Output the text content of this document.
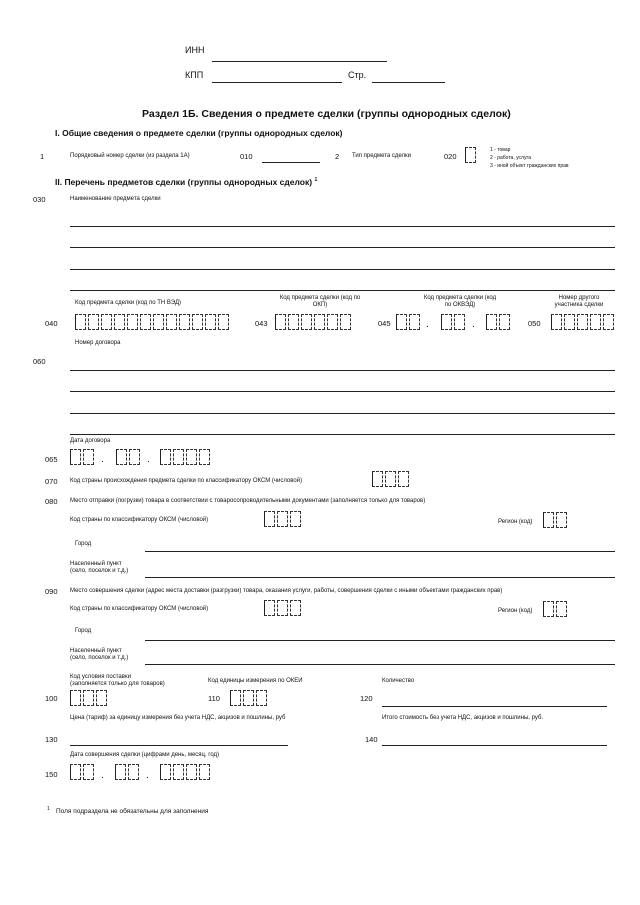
ИНН
КПП	Стр.
Раздел 1Б. Сведения о предмете сделки (группы однородных сделок)
I. Общие сведения о предмете сделки (группы однородных сделок)
1	Порядковый номер сделки (из раздела 1А)	010	2 Тип предмета сделки	020
1 - товар
2 - работа, услуга
3 - иной объект гражданских прав
II. Перечень предметов сделки (группы однородных сделок) $^1$
030	Наименование предмета сделки
Код предмета сделки (код по ТН ВЭД)
Код предмета сделки (код по ОКП)
Код предмета сделки (код по ОКВЭД)
Номер другого участника сделки
040	043	045	.	.	050
Номер договора
060
Дата договора
065	.	.
070 Код страны происхождения предмета сделки по классификатору ОКСМ (числовой)
080 Место отправки (погрузки) товара в соответствии с товаросопроводительными документами (заполняется только для товаров)
Код страны по классификатору ОКСМ (числовой)	Регион (код)
Город
Населенный пункт
(село, поселок и т.д.)
090 Место совершения сделки (адрес места доставки (разгрузки) товара, оказания услуги, работы, совершения сделки с иными объектами гражданских прав)
Код страны по классификатору ОКСМ (числовой)	Регион (код)
Город
Населенный пункт
(село, поселок и т.д.)
Код условия поставки
(заполняется только для товаров)	Код единицы измерения по ОКЕИ	Количество
100	110	120
Цена (тариф) за единицу измерения без учета НДС, акцизов и пошлины, руб	Итого стоимость без учета НДС, акцизов и пошлины, руб.
130	140
Дата совершения сделки (цифрами день, месяц, год)
150	.	.
1 Поля подраздела не обязательны для заполнения
